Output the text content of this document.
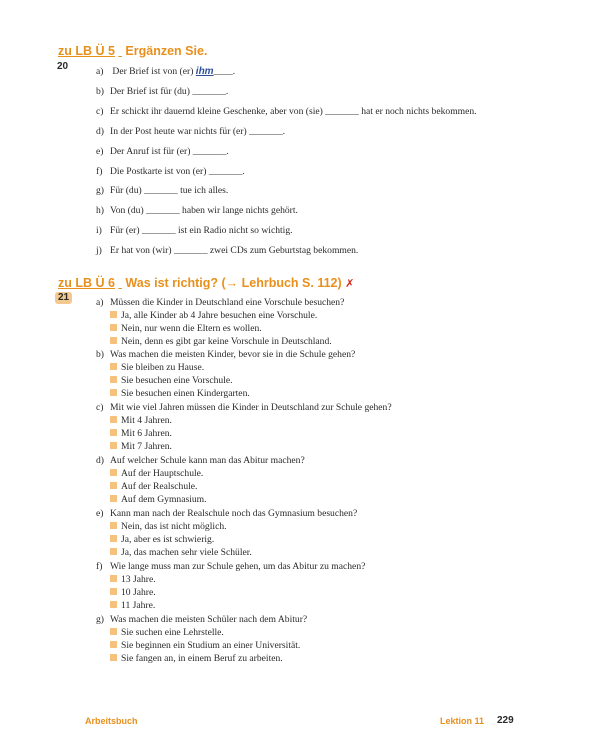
zu LB Ü 5 Ergänzen Sie.
20	a) Der Brief ist von (er) ihm____.
b) Der Brief ist für (du) _______.
c) Er schickt ihr dauernd kleine Geschenke, aber von (sie) _______ hat er noch nichts bekommen.
d) In der Post heute war nichts für (er) _______.
e) Der Anruf ist für (er) _______.
f) Die Postkarte ist von (er) _______.
g) Für (du) _______ tue ich alles.
h) Von (du) _______ haben wir lange nichts gehört.
i) Für (er) _______ ist ein Radio nicht so wichtig.
j) Er hat von (wir) _______ zwei CDs zum Geburtstag bekommen.
zu LB Ü 6 Was ist richtig? (→ Lehrbuch S. 112) ✗
21	a) Müssen die Kinder in Deutschland eine Vorschule besuchen?
Ja, alle Kinder ab 4 Jahre besuchen eine Vorschule.
Nein, nur wenn die Eltern es wollen.
Nein, denn es gibt gar keine Vorschule in Deutschland.
b) Was machen die meisten Kinder, bevor sie in die Schule gehen?
Sie bleiben zu Hause.
Sie besuchen eine Vorschule.
Sie besuchen einen Kindergarten.
c) Mit wie viel Jahren müssen die Kinder in Deutschland zur Schule gehen?
Mit 4 Jahren.
Mit 6 Jahren.
Mit 7 Jahren.
d) Auf welcher Schule kann man das Abitur machen?
Auf der Hauptschule.
Auf der Realschule.
Auf dem Gymnasium.
e) Kann man nach der Realschule noch das Gymnasium besuchen?
Nein, das ist nicht möglich.
Ja, aber es ist schwierig.
Ja, das machen sehr viele Schüler.
f) Wie lange muss man zur Schule gehen, um das Abitur zu machen?
13 Jahre.
10 Jahre.
11 Jahre.
g) Was machen die meisten Schüler nach dem Abitur?
Sie suchen eine Lehrstelle.
Sie beginnen ein Studium an einer Universität.
Sie fangen an, in einem Beruf zu arbeiten.
Arbeitsbuch	Lektion 11 229
